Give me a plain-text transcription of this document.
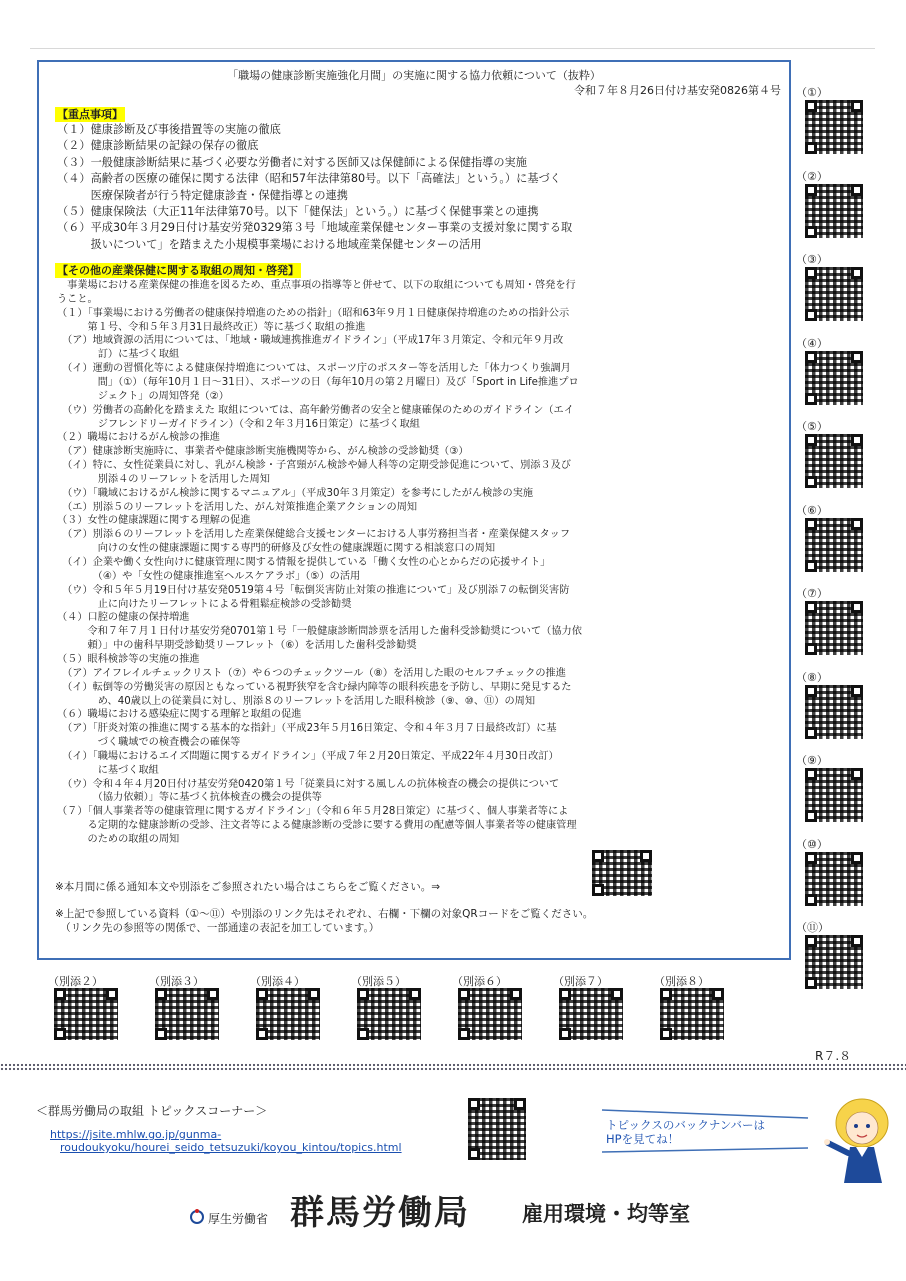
「職場の健康診断実施強化月間」の実施に関する協力依頼について（抜粋）
令和７年８月26日付け基安発0826第４号
【重点事項】
（１）健康診断及び事後措置等の実施の徹底
（２）健康診断結果の記録の保存の徹底
（３）一般健康診断結果に基づく必要な労働者に対する医師又は保健師による保健指導の実施
（４）高齢者の医療の確保に関する法律（昭和57年法律第80号。以下「高確法」という。）に基づく
　　　医療保険者が行う特定健康診査・保健指導との連携
（５）健康保険法（大正11年法律第70号。以下「健保法」という。）に基づく保健事業との連携
（６）平成30年３月29日付け基安労発0329第３号「地域産業保健センター事業の支援対象に関する取
　　　扱いについて」を踏まえた小規模事業場における地域産業保健センターの活用
【その他の産業保健に関する取組の周知・啓発】
　事業場における産業保健の推進を図るため、重点事項の指導等と併せて、以下の取組についても周知・啓発を行
うこと。
（１）「事業場における労働者の健康保持増進のための指針」（昭和63年９月１日健康保持増進のための指針公示
　　　第１号、令和５年３月31日最終改正）等に基づく取組の推進
　（ア）地域資源の活用については、「地域・職域連携推進ガイドライン」（平成17年３月策定、令和元年９月改
　　　　訂）に基づく取組
　（イ）運動の習慣化等による健康保持増進については、スポーツ庁のポスター等を活用した「体力つくり強調月
　　　　間」（①）（毎年10月１日～31日）、スポーツの日（毎年10月の第２月曜日）及び「Sport in Life推進プロ
　　　　ジェクト」の周知啓発（②）
　（ウ）労働者の高齢化を踏まえた 取組については、高年齢労働者の安全と健康確保のためのガイドライン（エイ
　　　　ジフレンドリーガイドライン）（令和２年３月16日策定）に基づく取組
（２）職場におけるがん検診の推進
　（ア）健康診断実施時に、事業者や健康診断実施機関等から、がん検診の受診勧奨（③）
　（イ）特に、女性従業員に対し、乳がん検診・子宮頸がん検診や婦人科等の定期受診促進について、別添３及び
　　　　別添４のリーフレットを活用した周知
　（ウ）「職域におけるがん検診に関するマニュアル」（平成30年３月策定）を参考にしたがん検診の実施
　（エ）別添５のリーフレットを活用した、がん対策推進企業アクションの周知
（３）女性の健康課題に関する理解の促進
　（ア）別添６のリーフレットを活用した産業保健総合支援センターにおける人事労務担当者・産業保健スタッフ
　　　　向けの女性の健康課題に関する専門的研修及び女性の健康課題に関する相談窓口の周知
　（イ）企業や働く女性向けに健康管理に関する情報を提供している「働く女性の心とからだの応援サイト」
　　　　（④）や「女性の健康推進室ヘルスケアラボ」（⑤）の活用
　（ウ）令和５年５月19日付け基安発0519第４号「転倒災害防止対策の推進について」及び別添７の転倒災害防
　　　　止に向けたリーフレットによる骨粗鬆症検診の受診勧奨
（４）口腔の健康の保持増進
　　　令和７年７月１日付け基安労発0701第１号「一般健康診断問診票を活用した歯科受診勧奨について（協力依
　　　頼）」中の歯科早期受診勧奨リーフレット（⑥）を活用した歯科受診勧奨
（５）眼科検診等の実施の推進
　（ア）アイフレイルチェックリスト（⑦）や６つのチェックツール（⑧）を活用した眼のセルフチェックの推進
　（イ）転倒等の労働災害の原因ともなっている視野狭窄を含む緑内障等の眼科疾患を予防し、早期に発見するた
　　　　め、40歳以上の従業員に対し、別添８のリーフレットを活用した眼科検診（⑨、⑩、⑪）の周知
（６）職場における感染症に関する理解と取組の促進
　（ア）「肝炎対策の推進に関する基本的な指針」（平成23年５月16日策定、令和４年３月７日最終改訂）に基
　　　　づく職域での検査機会の確保等
　（イ）「職場におけるエイズ問題に関するガイドライン」（平成７年２月20日策定、平成22年４月30日改訂）
　　　　に基づく取組
　（ウ）令和４年４月20日付け基安労発0420第１号「従業員に対する風しんの抗体検査の機会の提供について
　　　　（協力依頼）」等に基づく抗体検査の機会の提供等
（７）「個人事業者等の健康管理に関するガイドライン」（令和６年５月28日策定）に基づく、個人事業者等によ
　　　る定期的な健康診断の受診、注文者等による健康診断の受診に要する費用の配慮等個人事業者等の健康管理
　　　のための取組の周知
※本月間に係る通知本文や別添をご参照されたい場合はこちらをご覧ください。⇒
※上記で参照している資料（①～⑪）や別添のリンク先はそれぞれ、右欄・下欄の対象QRコードをご覧ください。
　（リンク先の参照等の関係で、一部通達の表記を加工しています。）
（①）
（②）
（③）
（④）
（⑤）
（⑥）
（⑦）
（⑧）
（⑨）
（⑩）
（⑪）
（別添２）	（別添３）	（別添４）	（別添５）	（別添６）	（別添７）	（別添８）
R７.８
＜群馬労働局の取組 トピックスコーナー＞
https://jsite.mhlw.go.jp/gunma-
roudoukyoku/hourei_seido_tetsuzuki/koyou_kintou/topics.html
トピックスのバックナンバーは
HPを見てね！
厚生労働省 群馬労働局 雇用環境・均等室
